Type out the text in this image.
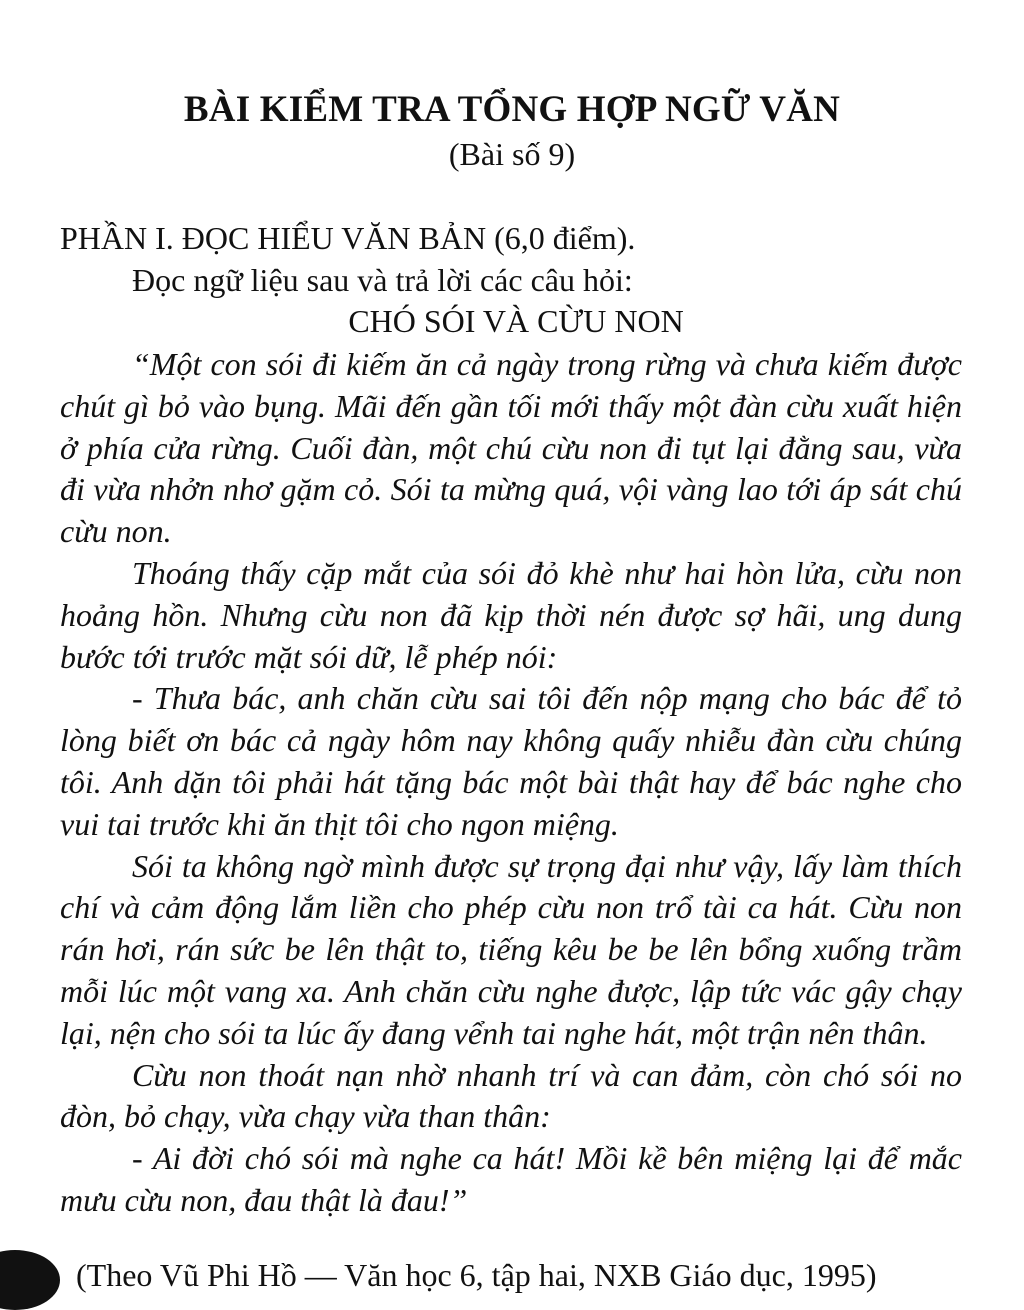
BÀI KIỂM TRA TỔNG HỢP NGỮ VĂN
(Bài số 9)
PHẦN I. ĐỌC HIỂU VĂN BẢN (6,0 điểm).
Đọc ngữ liệu sau và trả lời các câu hỏi:
CHÓ SÓI VÀ CỪU NON

“Một con sói đi kiếm ăn cả ngày trong rừng và chưa kiếm được chút gì bỏ vào bụng. Mãi đến gần tối mới thấy một đàn cừu xuất hiện ở phía cửa rừng. Cuối đàn, một chú cừu non đi tụt lại đằng sau, vừa đi vừa nhởn nhơ gặm cỏ. Sói ta mừng quá, vội vàng lao tới áp sát chú cừu non.

Thoáng thấy cặp mắt của sói đỏ khè như hai hòn lửa, cừu non hoảng hồn. Nhưng cừu non đã kịp thời nén được sợ hãi, ung dung bước tới trước mặt sói dữ, lễ phép nói:

- Thưa bác, anh chăn cừu sai tôi đến nộp mạng cho bác để tỏ lòng biết ơn bác cả ngày hôm nay không quấy nhiễu đàn cừu chúng tôi. Anh dặn tôi phải hát tặng bác một bài thật hay để bác nghe cho vui tai trước khi ăn thịt tôi cho ngon miệng.

Sói ta không ngờ mình được sự trọng đại như vậy, lấy làm thích chí và cảm động lắm liền cho phép cừu non trổ tài ca hát. Cừu non rán hơi, rán sức be lên thật to, tiếng kêu be be lên bổng xuống trầm mỗi lúc một vang xa. Anh chăn cừu nghe được, lập tức vác gậy chạy lại, nện cho sói ta lúc ấy đang vểnh tai nghe hát, một trận nên thân.

Cừu non thoát nạn nhờ nhanh trí và can đảm, còn chó sói no đòn, bỏ chạy, vừa chạy vừa than thân:

- Ai đời chó sói mà nghe ca hát! Mồi kề bên miệng lại để mắc mưu cừu non, đau thật là đau!”

(Theo Vũ Phi Hồ — Văn học 6, tập hai, NXB Giáo dục, 1995)
